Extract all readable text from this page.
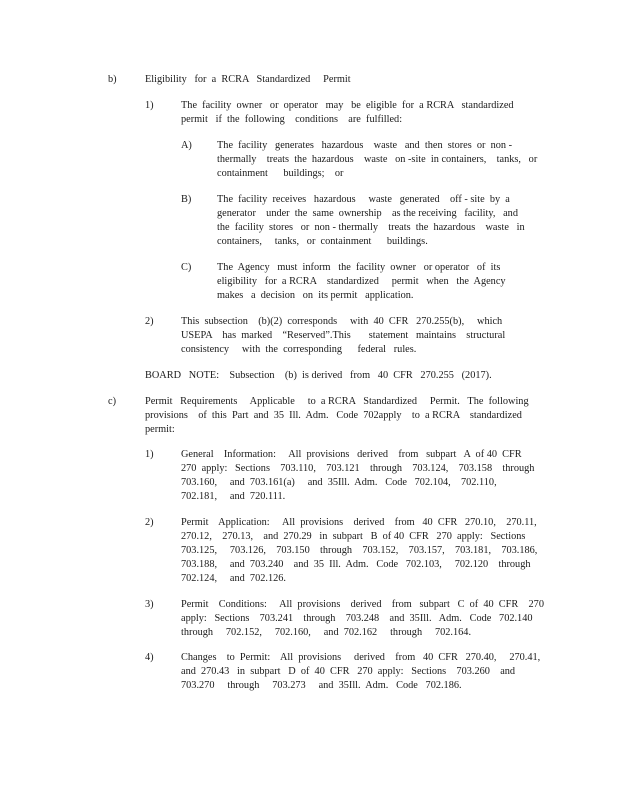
b)	Eligibility   for  a  RCRA   Standardized     Permit
1)	The  facility  owner   or  operator   may   be  eligible  for  a RCRA   standardized
permit   if  the  following    conditions    are  fulfilled:
A) The  facility   generates   hazardous    waste   and  then  stores  or  non -
thermally    treats  the  hazardous    waste   on -site  in containers,    tanks,   or
containment      buildings;    or
B) The  facility  receives   hazardous     waste   generated    off - site  by  a
generator    under  the  same  ownership    as the receiving   facility,   and
the  facility  stores   or  non - thermally    treats  the  hazardous    waste   in
containers,     tanks,   or  containment      buildings.
C) The  Agency   must  inform   the  facility  owner   or operator   of  its
eligibility   for  a RCRA    standardized     permit   when   the  Agency
makes   a  decision   on  its permit   application.
2)	This  subsection    (b)(2)  corresponds     with  40  CFR   270.255(b),     which
USEPA    has  marked    “Reserved”.This       statement   maintains    structural
consistency     with  the  corresponding      federal   rules.
BOARD   NOTE:    Subsection    (b)  is derived   from   40  CFR   270.255   (2017).
c)	Permit   Requirements     Applicable     to  a RCRA   Standardized     Permit.   The  following
provisions    of  this  Part  and  35  Ill.  Adm.   Code  702apply    to  a RCRA    standardized
permit:
1)	General    Information:     All  provisions   derived    from   subpart   A  of 40  CFR
270  apply:   Sections    703.110,    703.121    through    703.124,    703.158    through
703.160,     and  703.161(a)     and  35Ill.  Adm.   Code   702.104,    702.110,
702.181,     and  720.111.
2)	Permit    Application:     All  provisions    derived    from   40  CFR   270.10,    270.11,
270.12,    270.13,    and  270.29   in  subpart   B  of 40  CFR   270  apply:   Sections
703.125,     703.126,    703.150    through    703.152,    703.157,    703.181,    703.186,
703.188,     and  703.240    and  35  Ill.  Adm.   Code   702.103,     702.120    through
702.124,     and  702.126.
3)	Permit    Conditions:     All  provisions    derived    from   subpart   C  of  40  CFR    270
apply:   Sections    703.241    through    703.248    and  35Ill.   Adm.   Code   702.140
through     702.152,     702.160,     and  702.162     through     702.164.
4)	Changes    to  Permit:    All  provisions     derived    from   40  CFR   270.40,     270.41,
and  270.43   in  subpart   D  of  40  CFR   270  apply:   Sections    703.260    and
703.270     through     703.273     and  35Ill.  Adm.   Code   702.186.
